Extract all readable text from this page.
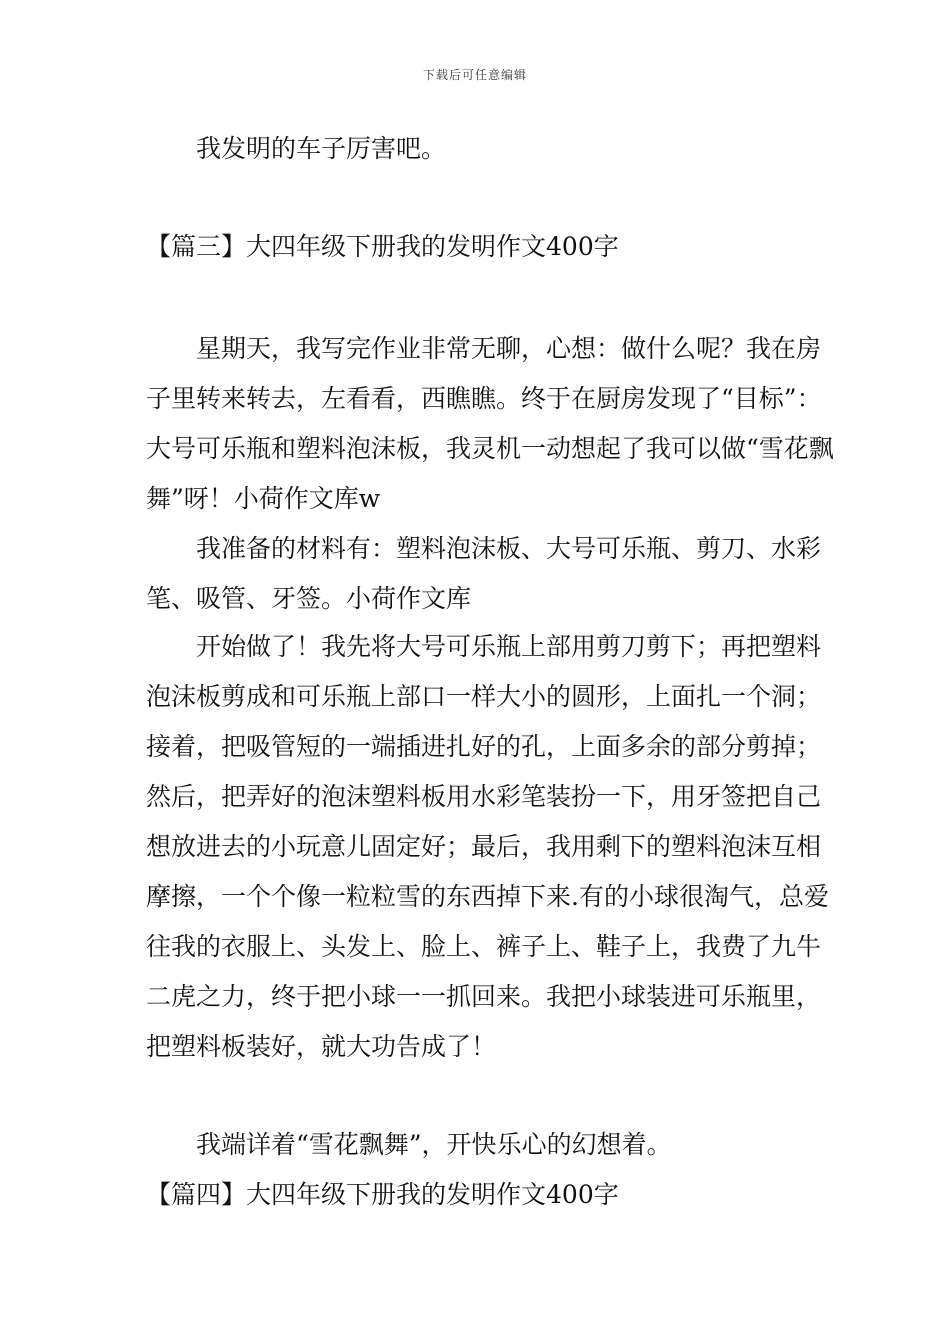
下载后可任意编辑
我发明的车子厉害吧。
【篇三】大四年级下册我的发明作文400字
星期天，我写完作业非常无聊，心想：做什么呢？我在房子里转来转去，左看看，西瞧瞧。终于在厨房发现了“目标”：大号可乐瓶和塑料泡沫板，我灵机一动想起了我可以做“雪花飘舞”呀！小荷作文库w
我准备的材料有：塑料泡沫板、大号可乐瓶、剪刀、水彩笔、吸管、牙签。小荷作文库
开始做了！我先将大号可乐瓶上部用剪刀剪下；再把塑料泡沫板剪成和可乐瓶上部口一样大小的圆形，上面扎一个洞；接着，把吸管短的一端插进扎好的孔，上面多余的部分剪掉；然后，把弄好的泡沫塑料板用水彩笔装扮一下，用牙签把自己想放进去的小玩意儿固定好；最后，我用剩下的塑料泡沫互相摩擦，一个个像一粒粒雪的东西掉下来.有的小球很淘气，总爱往我的衣服上、头发上、脸上、裤子上、鞋子上，我费了九牛二虎之力，终于把小球一一抓回来。我把小球装进可乐瓶里，把塑料板装好，就大功告成了！
我端详着“雪花飘舞”，开快乐心的幻想着。
【篇四】大四年级下册我的发明作文400字
